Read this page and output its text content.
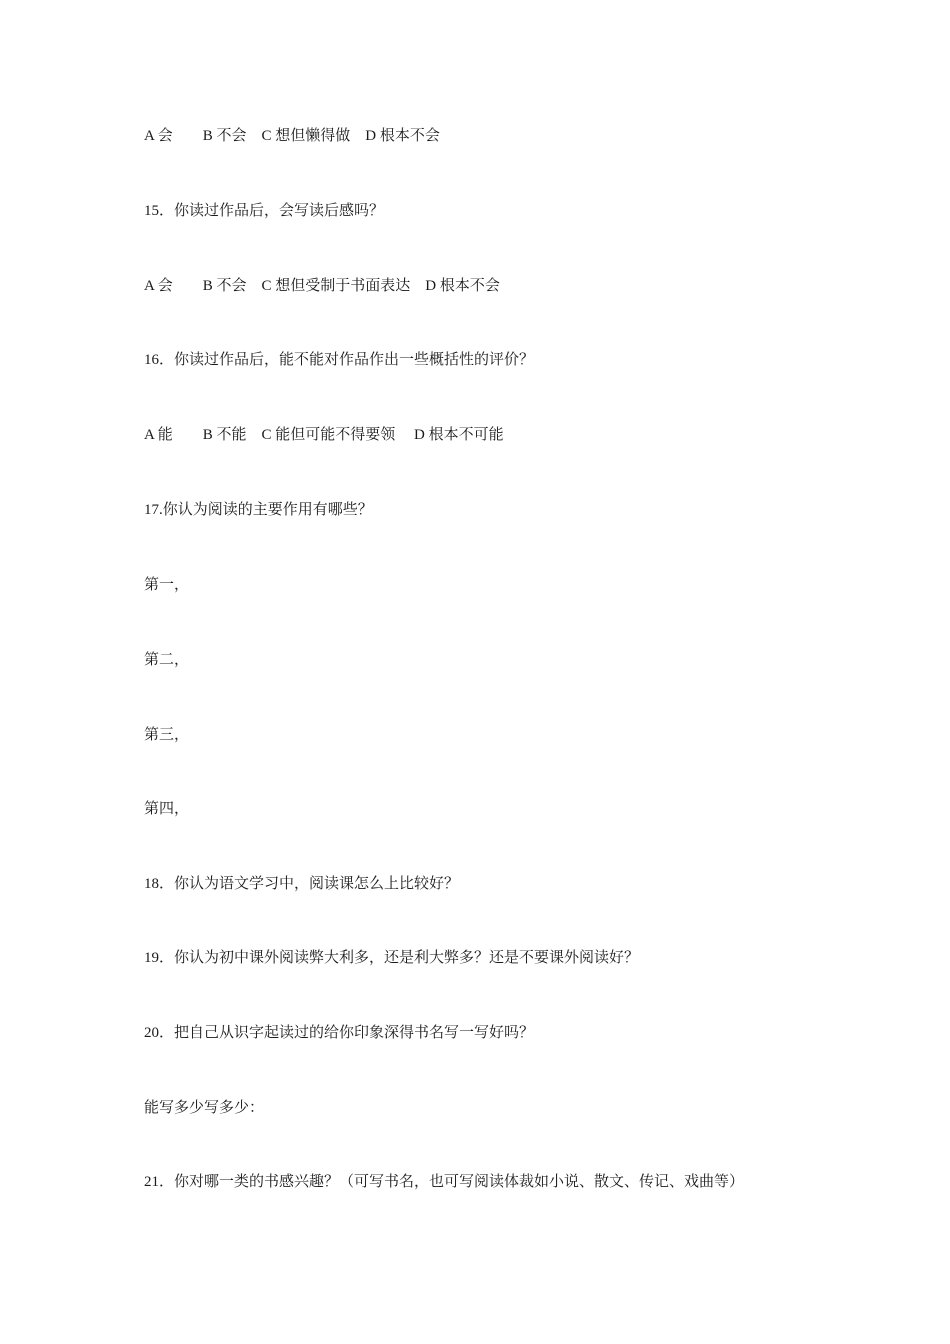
A 会　　B 不会　C 想但懒得做　D 根本不会
15．你读过作品后，会写读后感吗？
A 会　　B 不会　C 想但受制于书面表达　D 根本不会
16．你读过作品后，能不能对作品作出一些概括性的评价？
A 能　　B 不能　C 能但可能不得要领　 D 根本不可能
17.你认为阅读的主要作用有哪些？
第一，
第二，
第三，
第四，
18．你认为语文学习中，阅读课怎么上比较好？
19．你认为初中课外阅读弊大利多，还是利大弊多？还是不要课外阅读好？
20．把自己从识字起读过的给你印象深得书名写一写好吗？
能写多少写多少：
21．你对哪一类的书感兴趣？（可写书名，也可写阅读体裁如小说、散文、传记、戏曲等）
